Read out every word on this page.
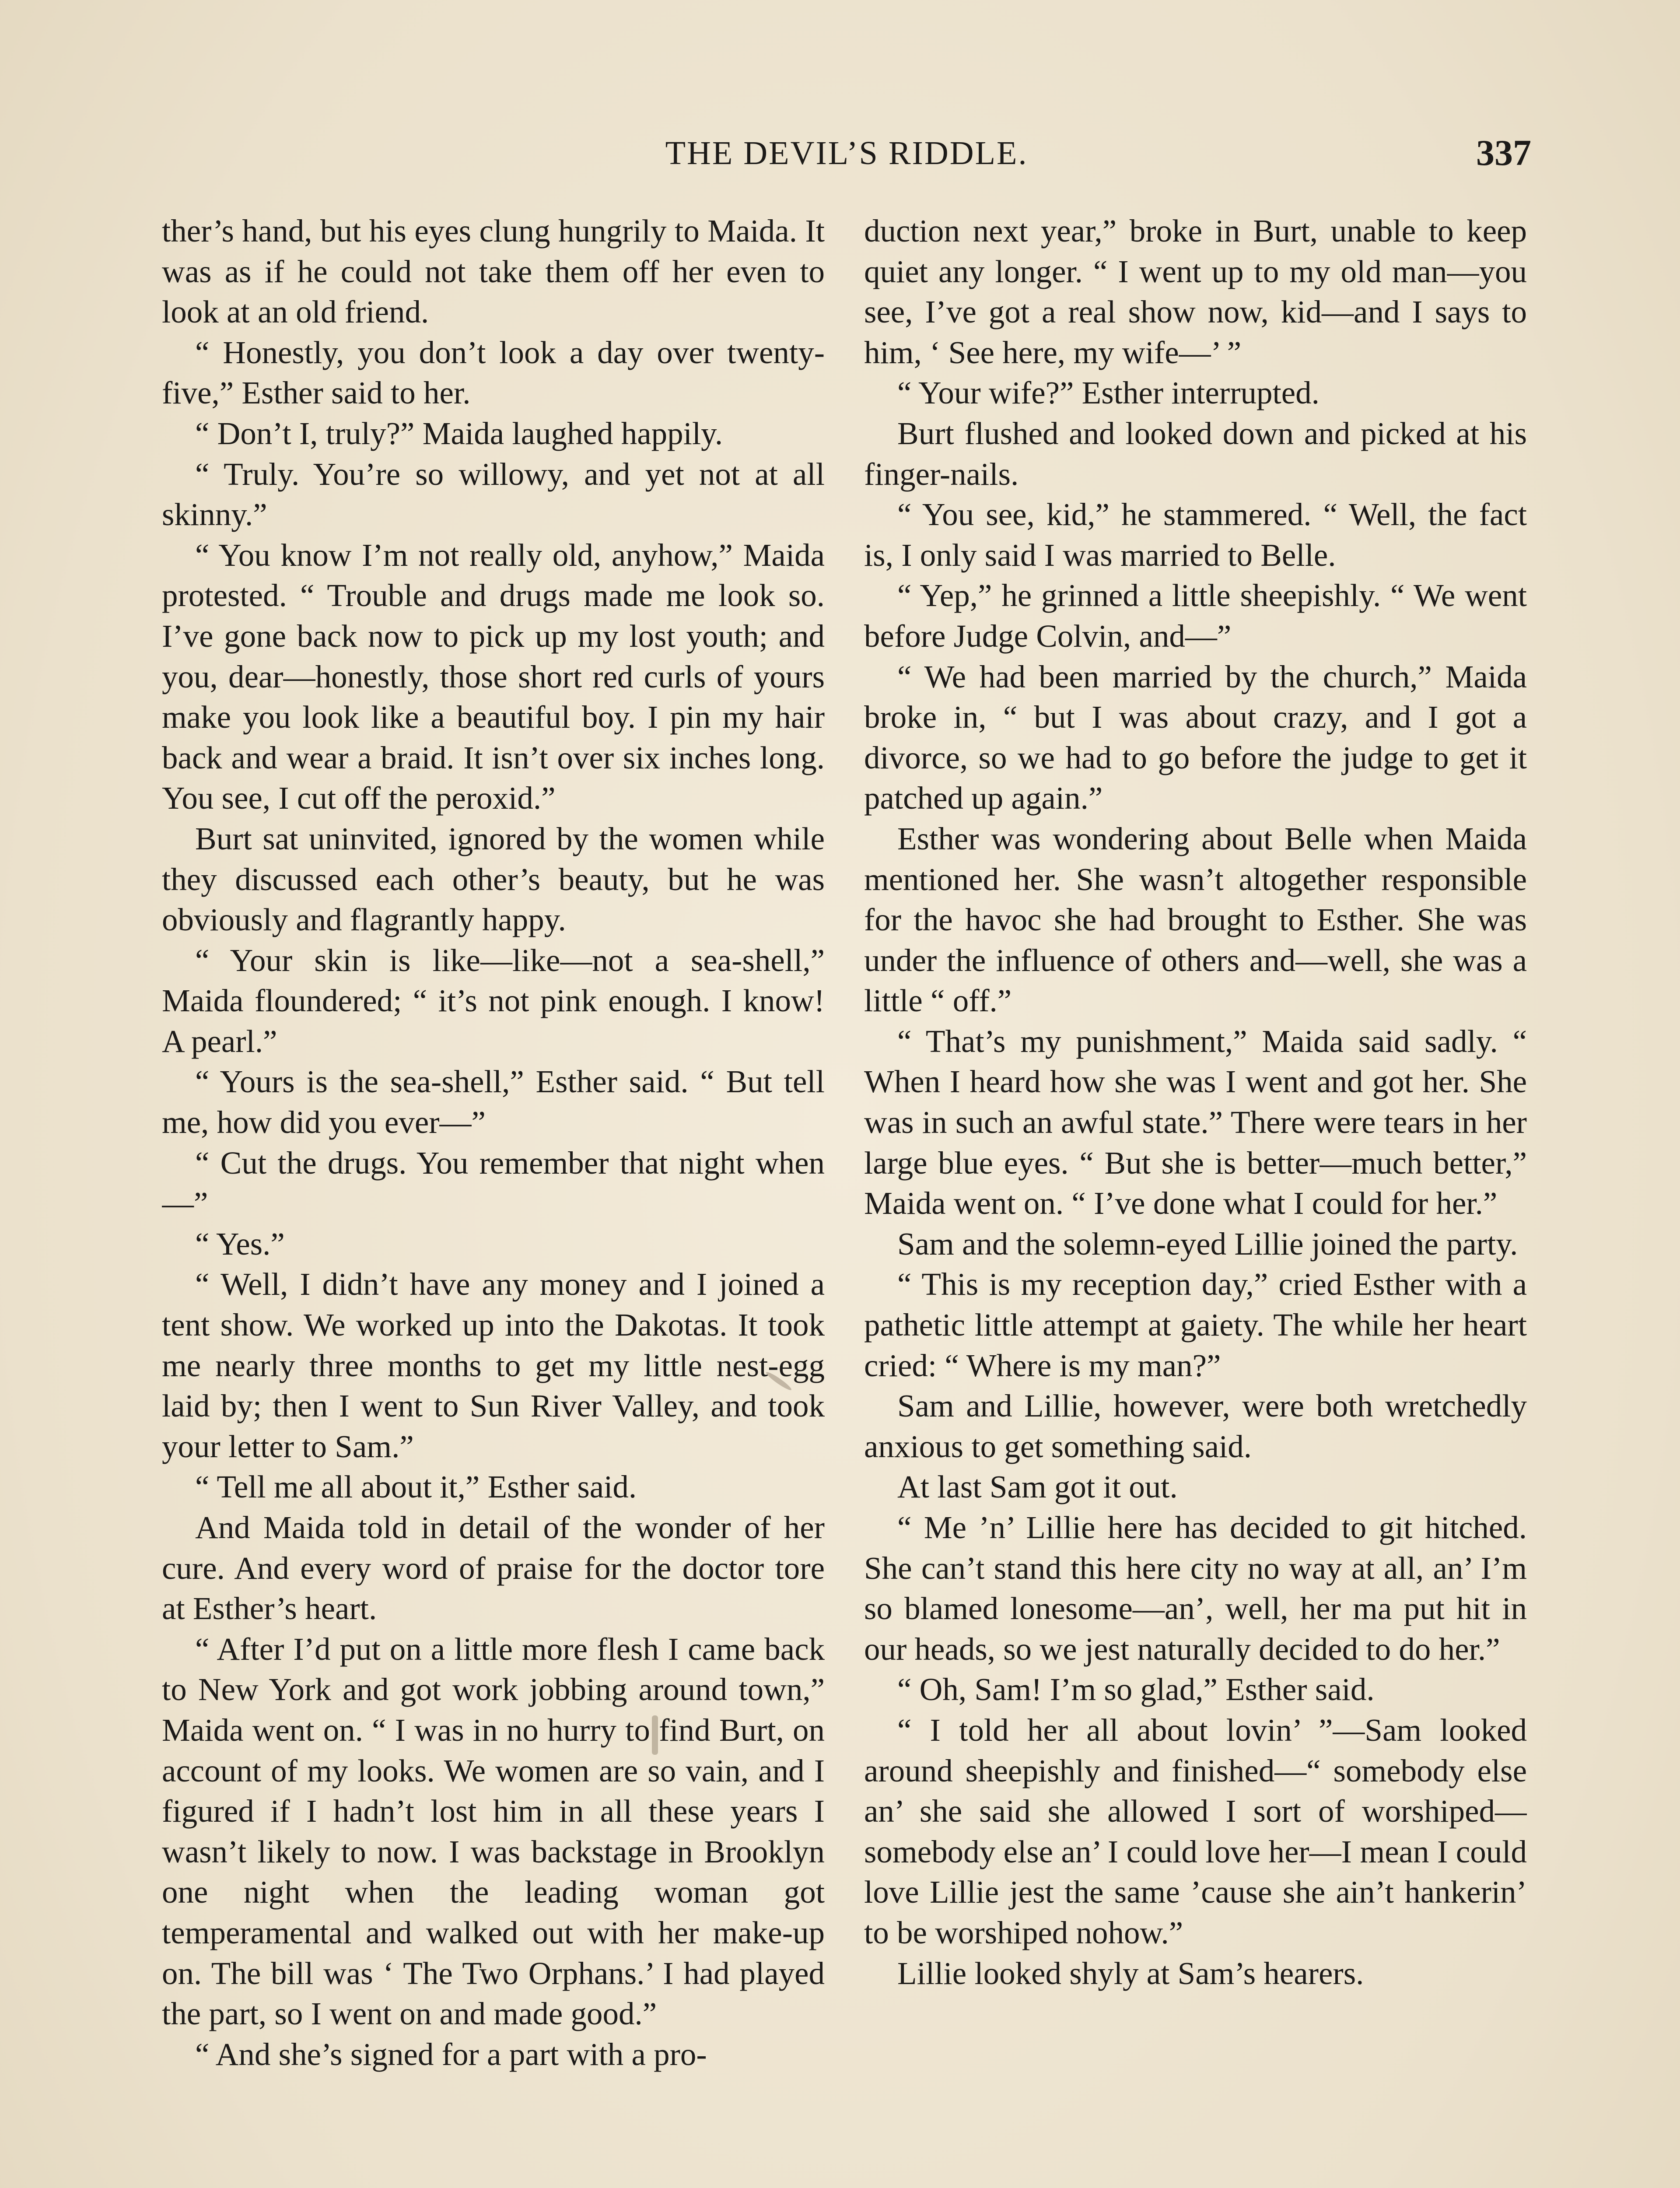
THE DEVIL’S RIDDLE.	337

ther’s hand, but his eyes clung hungrily to Maida. It was as if he could not take them off her even to look at an old friend.

“ Honestly, you don’t look a day over twenty-five,” Esther said to her.

“ Don’t I, truly?” Maida laughed happily.

“ Truly. You’re so willowy, and yet not at all skinny.”

“ You know I’m not really old, anyhow,” Maida protested. “ Trouble and drugs made me look so. I’ve gone back now to pick up my lost youth; and you, dear—honestly, those short red curls of yours make you look like a beautiful boy. I pin my hair back and wear a braid. It isn’t over six inches long. You see, I cut off the peroxid.”

Burt sat uninvited, ignored by the women while they discussed each other’s beauty, but he was obviously and flagrantly happy.

“ Your skin is like—like—not a sea-shell,” Maida floundered; “ it’s not pink enough. I know! A pearl.”

“ Yours is the sea-shell,” Esther said. “ But tell me, how did you ever—”

“ Cut the drugs. You remember that night when—”

“ Yes.”

“ Well, I didn’t have any money and I joined a tent show. We worked up into the Dakotas. It took me nearly three months to get my little nest-egg laid by; then I went to Sun River Valley, and took your letter to Sam.”

“ Tell me all about it,” Esther said.

And Maida told in detail of the wonder of her cure. And every word of praise for the doctor tore at Esther’s heart.

“ After I’d put on a little more flesh I came back to New York and got work jobbing around town,” Maida went on. “ I was in no hurry to find Burt, on account of my looks. We women are so vain, and I figured if I hadn’t lost him in all these years I wasn’t likely to now. I was backstage in Brooklyn one night when the leading woman got temperamental and walked out with her make-up on. The bill was ‘ The Two Orphans.’ I had played the part, so I went on and made good.”

“ And she’s signed for a part with a pro-

duction next year,” broke in Burt, unable to keep quiet any longer. “ I went up to my old man—you see, I’ve got a real show now, kid—and I says to him, ‘ See here, my wife—’ ”

“ Your wife?” Esther interrupted.

Burt flushed and looked down and picked at his finger-nails.

“ You see, kid,” he stammered. “ Well, the fact is, I only said I was married to Belle.

“ Yep,” he grinned a little sheepishly. “ We went before Judge Colvin, and—”

“ We had been married by the church,” Maida broke in, “ but I was about crazy, and I got a divorce, so we had to go before the judge to get it patched up again.”

Esther was wondering about Belle when Maida mentioned her. She wasn’t altogether responsible for the havoc she had brought to Esther. She was under the influence of others and—well, she was a little “ off.”

“ That’s my punishment,” Maida said sadly. “ When I heard how she was I went and got her. She was in such an awful state.” There were tears in her large blue eyes. “ But she is better—much better,” Maida went on. “ I’ve done what I could for her.”

Sam and the solemn-eyed Lillie joined the party.

“ This is my reception day,” cried Esther with a pathetic little attempt at gaiety. The while her heart cried: “ Where is my man?”

Sam and Lillie, however, were both wretchedly anxious to get something said.

At last Sam got it out.

“ Me ’n’ Lillie here has decided to git hitched. She can’t stand this here city no way at all, an’ I’m so blamed lonesome—an’, well, her ma put hit in our heads, so we jest naturally decided to do her.”

“ Oh, Sam! I’m so glad,” Esther said.

“ I told her all about lovin’ ”—Sam looked around sheepishly and finished—“ somebody else an’ she said she allowed I sort of worshiped—somebody else an’ I could love her—I mean I could love Lillie jest the same ’cause she ain’t hankerin’ to be worshiped nohow.”

Lillie looked shyly at Sam’s hearers.
